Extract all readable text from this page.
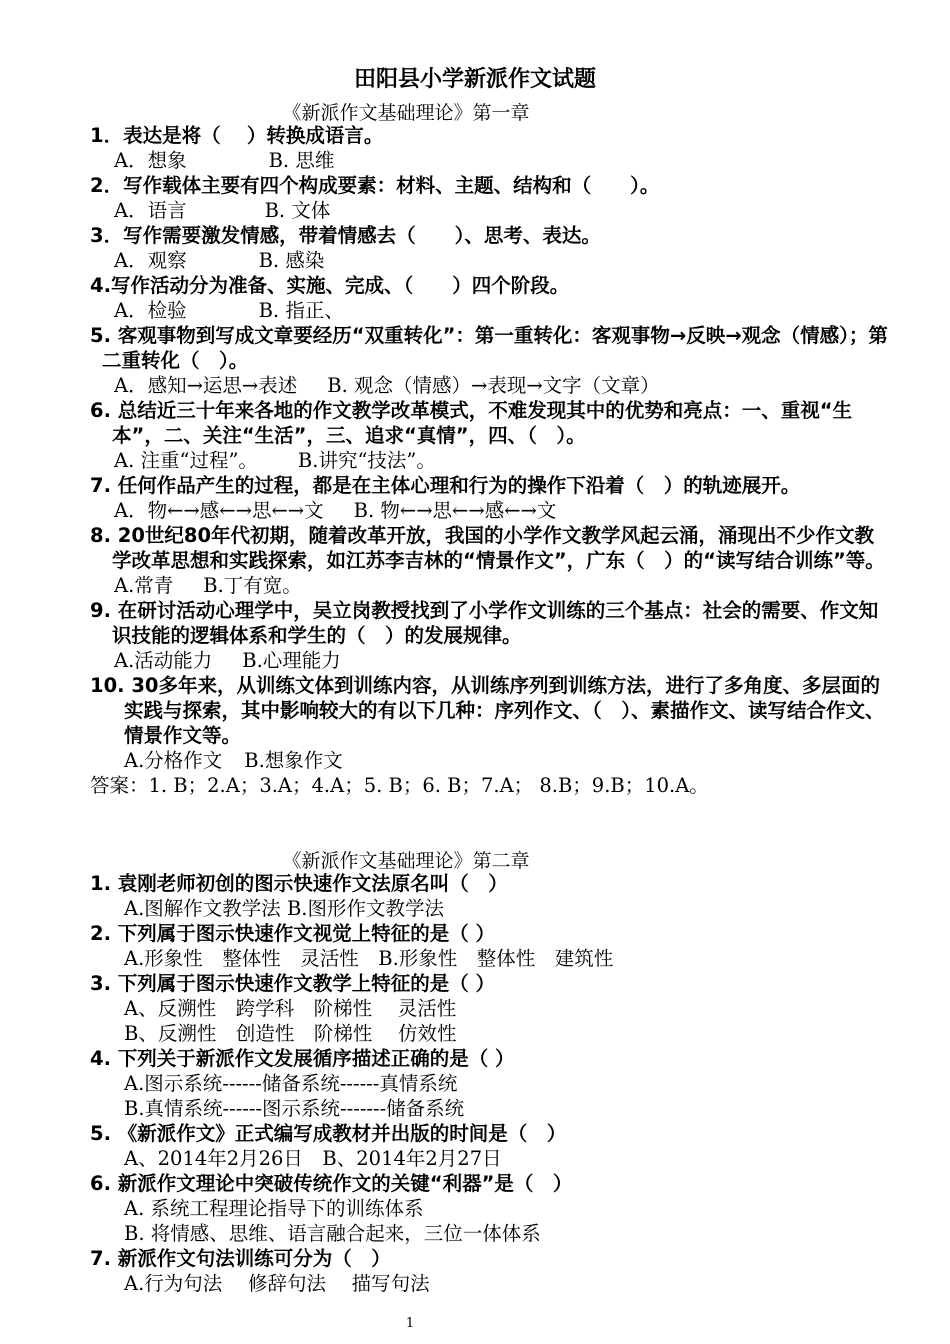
田阳县小学新派作文试题
《新派作文基础理论》第一章
1．表达是将（　 ）转换成语言。
A．想象	B. 思维
2．写作载体主要有四个构成要素：材料、主题、结构和（　　）。
A．语言	B. 文体
3．写作需要激发情感，带着情感去（　　）、思考、表达。
A．观察	B. 感染
4.写作活动分为准备、实施、完成、（　　）四个阶段。
A．检验	B. 指正、
5. 客观事物到写成文章要经历“双重转化”：第一重转化：客观事物→反映→观念（情感）；第二重转化（　）。
A．感知→运思→表述 B. 观念（情感）→表现→文字（文章）
6. 总结近三十年来各地的作文教学改革模式，不难发现其中的优势和亮点：一、重视“生本”，二、关注“生活”，三、追求“真情”，四、（　）。
A. 注重“过程”。 B.讲究“技法”。
7. 任何作品产生的过程，都是在主体心理和行为的操作下沿着（　）的轨迹展开。
A．物←→感←→思←→文 B. 物←→思←→感←→文
8. 20世纪80年代初期，随着改革开放，我国的小学作文教学风起云涌，涌现出不少作文教学改革思想和实践探索，如江苏李吉林的“情景作文”，广东（　）的“读写结合训练”等。
A.常青 B.丁有宽。
9. 在研讨活动心理学中，吴立岗教授找到了小学作文训练的三个基点：社会的需要、作文知识技能的逻辑体系和学生的（　）的发展规律。
A.活动能力 B.心理能力
10. 30多年来，从训练文体到训练内容，从训练序列到训练方法，进行了多角度、多层面的实践与探索，其中影响较大的有以下几种：序列作文、（　）、素描作文、读写结合作文、情景作文等。
A.分格作文 B.想象作文
答案：1. B；2.A；3.A；4.A；5. B；6. B；7.A； 8.B；9.B；10.A。
《新派作文基础理论》第二章
1. 袁刚老师初创的图示快速作文法原名叫（　）
A.图解作文教学法 B.图形作文教学法
2. 下列属于图示快速作文视觉上特征的是（ ）
A.形象性　整体性　灵活性　B.形象性　整体性　建筑性
3. 下列属于图示快速作文教学上特征的是（ ）
A、反溯性　跨学科　阶梯性　 灵活性
B、反溯性　创造性　阶梯性　 仿效性
4. 下列关于新派作文发展循序描述正确的是（ ）
A.图示系统------储备系统------真情系统
B.真情系统------图示系统-------储备系统
5. 《新派作文》正式编写成教材并出版的时间是（　）
A、2014年2月26日　B、2014年2月27日
6. 新派作文理论中突破传统作文的关键“利器”是（　）
A. 系统工程理论指导下的训练体系
B. 将情感、思维、语言融合起来，三位一体体系
7. 新派作文句法训练可分为（　）
A.行为句法　 修辞句法　 描写句法
1
